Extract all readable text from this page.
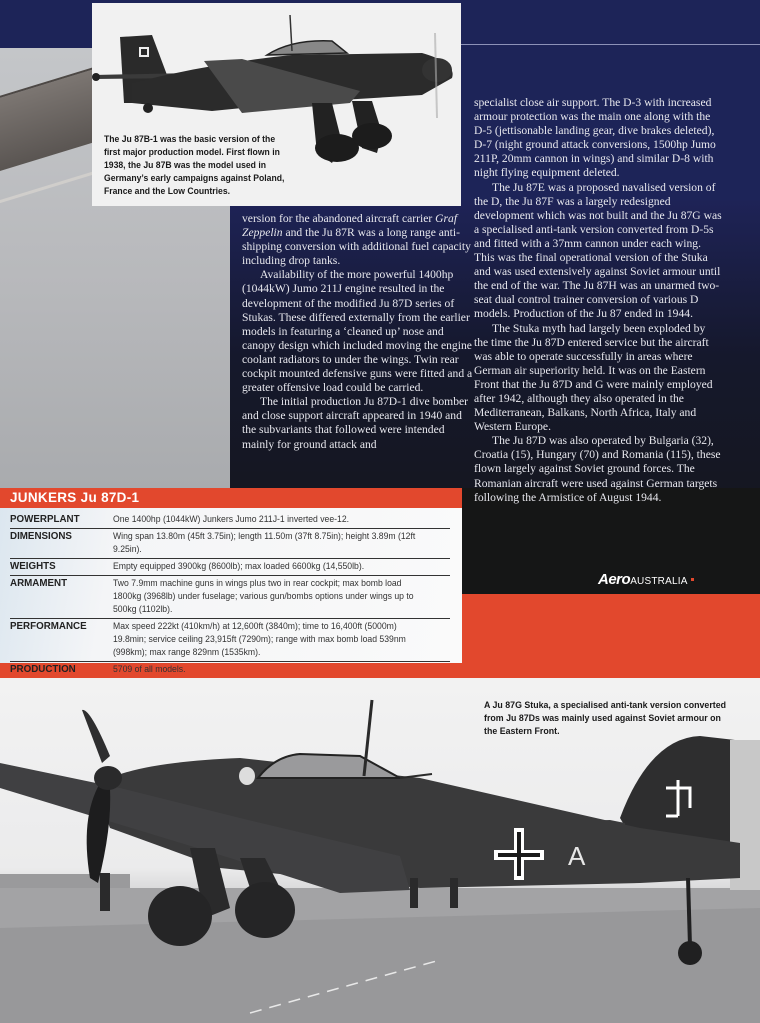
The Ju 87B-1 was the basic version of the first major production model. First flown in 1938, the Ju 87B was the model used in Germany’s early campaigns against Poland, France and the Low Countries.

version for the abandoned aircraft carrier Graf Zeppelin and the Ju 87R was a long range anti-shipping conversion with additional fuel capacity including drop tanks.

Availability of the more powerful 1400hp (1044kW) Jumo 211J engine resulted in the development of the modified Ju 87D series of Stukas. These differed externally from the earlier models in featuring a ‘cleaned up’ nose and canopy design which included moving the engine coolant radiators to under the wings. Twin rear cockpit mounted defensive guns were fitted and a greater offensive load could be carried.

The initial production Ju 87D-1 dive bomber and close support aircraft appeared in 1940 and the subvariants that followed were intended mainly for ground attack and

specialist close air support. The D-3 with increased armour protection was the main one along with the D-5 (jettisonable landing gear, dive brakes deleted), D-7 (night ground attack conversions, 1500hp Jumo 211P, 20mm cannon in wings) and similar D-8 with night flying equipment deleted.

The Ju 87E was a proposed navalised version of the D, the Ju 87F was a largely redesigned development which was not built and the Ju 87G was a specialised anti-tank version converted from D-5s and fitted with a 37mm cannon under each wing. This was the final operational version of the Stuka and was used extensively against Soviet armour until the end of the war. The Ju 87H was an unarmed two-seat dual control trainer conversion of various D models. Production of the Ju 87 ended in 1944.

The Stuka myth had largely been exploded by the time the Ju 87D entered service but the aircraft was able to operate successfully in areas where German air superiority held. It was on the Eastern Front that the Ju 87D and G were mainly employed after 1942, although they also operated in the Mediterranean, Balkans, North Africa, Italy and Western Europe.

The Ju 87D was also operated by Bulgaria (32), Croatia (15), Hungary (70) and Romania (115), these flown largely against Soviet ground forces. The Romanian aircraft were used against German targets following the Armistice of August 1944.

AeroAUSTRALIA
JUNKERS Ju 87D-1
POWERPLANT	One 1400hp (1044kW) Junkers Jumo 211J-1 inverted vee-12.
DIMENSIONS	Wing span 13.80m (45ft 3.75in); length 11.50m (37ft 8.75in); height 3.89m (12ft 9.25in).
WEIGHTS	Empty equipped 3900kg (8600lb); max loaded 6600kg (14,550lb).
ARMAMENT	Two 7.9mm machine guns in wings plus two in rear cockpit; max bomb load 1800kg (3968lb) under fuselage; various gun/bombs options under wings up to 500kg (1102lb).
PERFORMANCE	Max speed 222kt (410km/h) at 12,600ft (3840m); time to 16,400ft (5000m) 19.8min; service ceiling 23,915ft (7290m); range with max bomb load 539nm (998km); max range 829nm (1535km).
PRODUCTION	5709 of all models.
A
A Ju 87G Stuka, a specialised anti-tank version converted from Ju 87Ds was mainly used against Soviet armour on the Eastern Front.
